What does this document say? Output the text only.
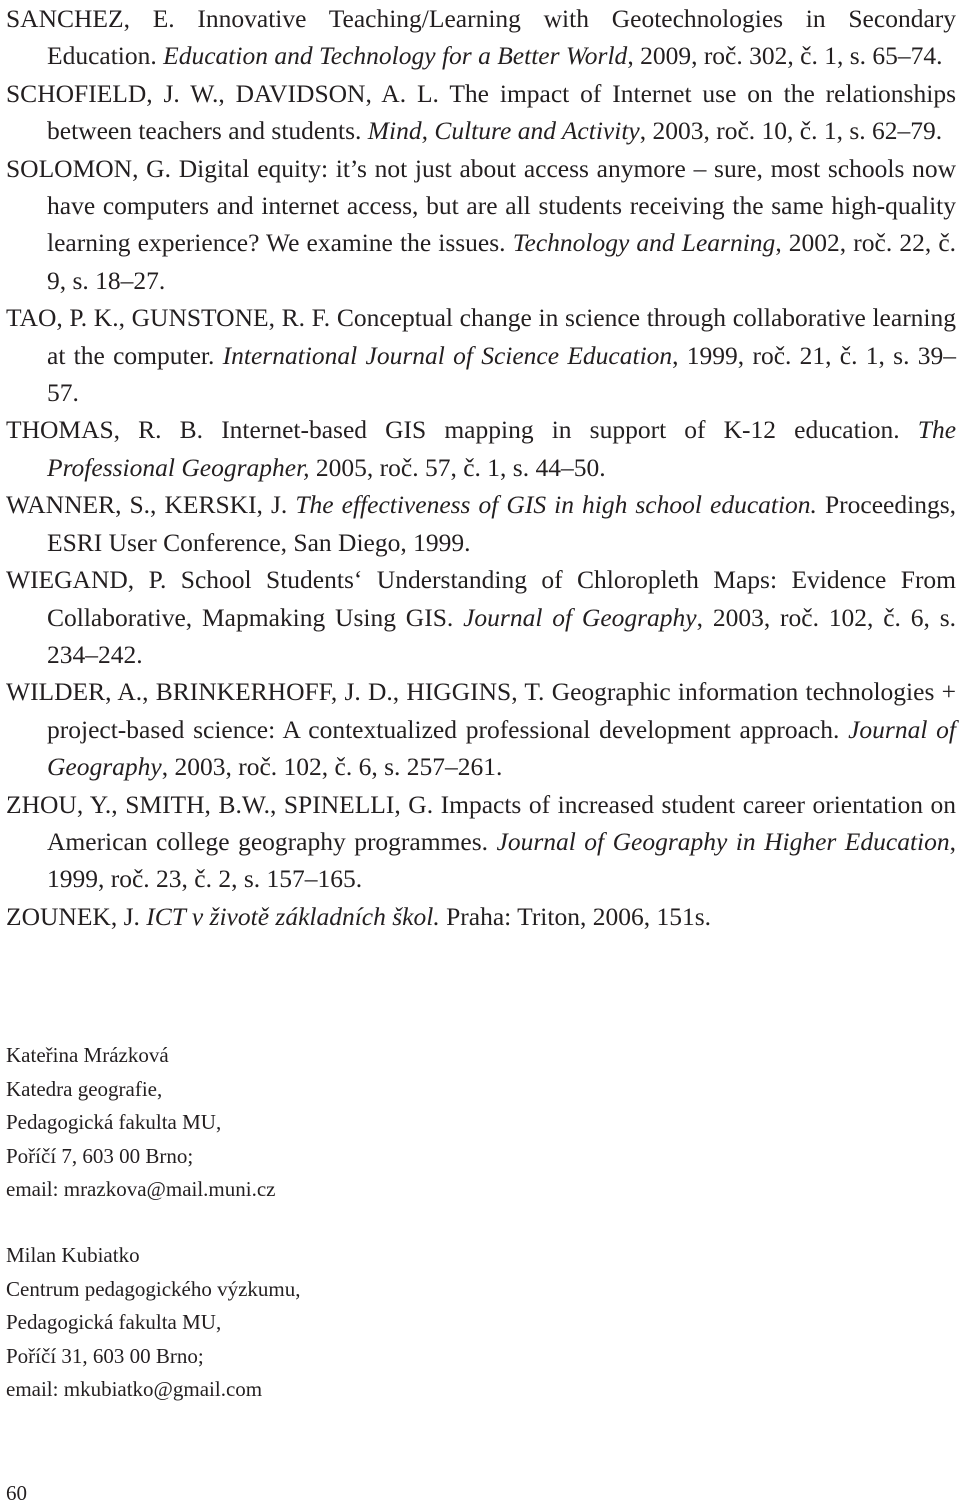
SANCHEZ, E. Innovative Teaching/Learning with Geotechnologies in Secondary Education. Education and Technology for a Better World, 2009, roč. 302, č. 1, s. 65–74.
SCHOFIELD, J. W., DAVIDSON, A. L. The impact of Internet use on the relationships between teachers and students. Mind, Culture and Activity, 2003, roč. 10, č. 1, s. 62–79.
SOLOMON, G. Digital equity: it’s not just about access anymore – sure, most schools now have computers and internet access, but are all students receiving the same high-quality learning experience? We examine the issues. Technology and Learning, 2002, roč. 22, č. 9, s. 18–27.
TAO, P. K., GUNSTONE, R. F. Conceptual change in science through collaborative learning at the computer. International Journal of Science Education, 1999, roč. 21, č. 1, s. 39–57.
THOMAS, R. B. Internet-based GIS mapping in support of K-12 education. The Professional Geographer, 2005, roč. 57, č. 1, s. 44–50.
WANNER, S., KERSKI, J. The effectiveness of GIS in high school education. Proceedings, ESRI User Conference, San Diego, 1999.
WIEGAND, P. School Students‘ Understanding of Chloropleth Maps: Evidence From Collaborative, Mapmaking Using GIS. Journal of Geography, 2003, roč. 102, č. 6, s. 234–242.
WILDER, A., BRINKERHOFF, J. D., HIGGINS, T. Geographic information technologies + project-based science: A contextualized professional development approach. Journal of Geography, 2003, roč. 102, č. 6, s. 257–261.
ZHOU, Y., SMITH, B.W., SPINELLI, G. Impacts of increased student career orientation on American college geography programmes. Journal of Geography in Higher Education, 1999, roč. 23, č. 2, s. 157–165.
ZOUNEK, J. ICT v životě základních škol. Praha: Triton, 2006, 151s.
Kateřina Mrázková
Katedra geografie,
Pedagogická fakulta MU,
Poříčí 7, 603 00 Brno;
email: mrazkova@mail.muni.cz
Milan Kubiatko
Centrum pedagogického výzkumu,
Pedagogická fakulta MU,
Poříčí 31, 603 00 Brno;
email: mkubiatko@gmail.com
60
